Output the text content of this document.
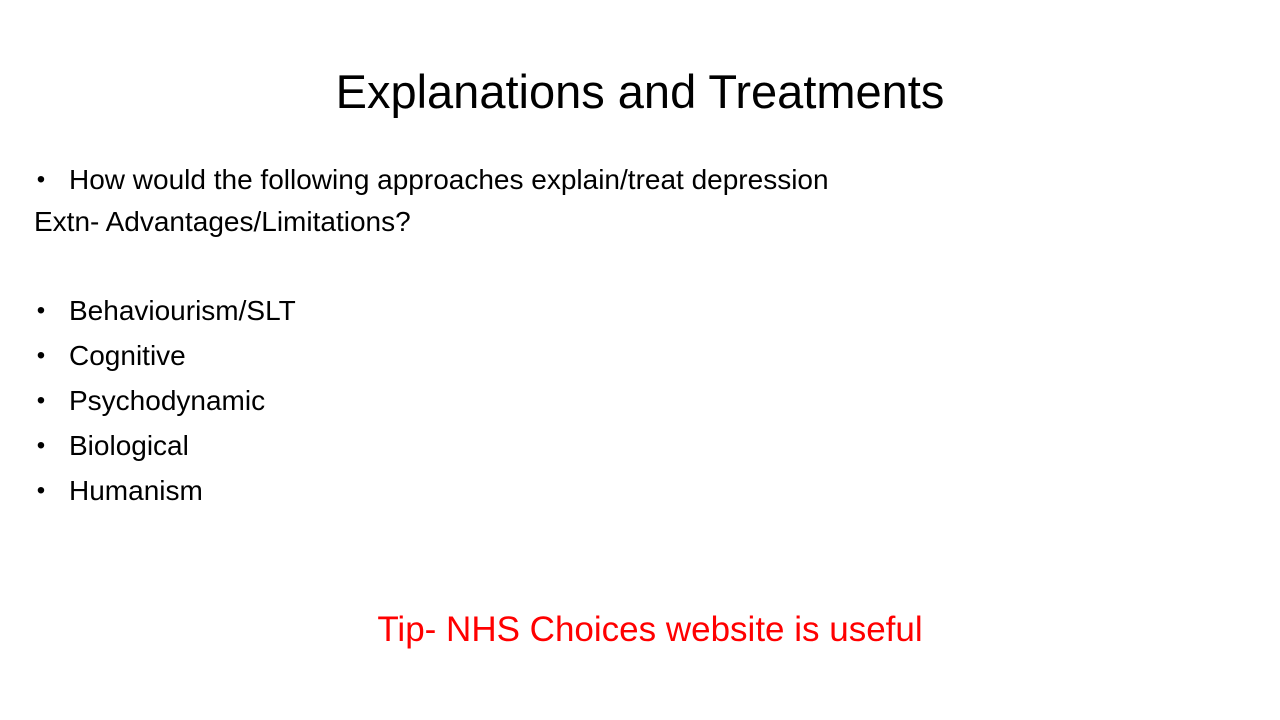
Explanations and Treatments
• How would the following approaches explain/treat depression
Extn- Advantages/Limitations?
• Behaviourism/SLT
• Cognitive
• Psychodynamic
• Biological
• Humanism
Tip- NHS Choices website is useful
